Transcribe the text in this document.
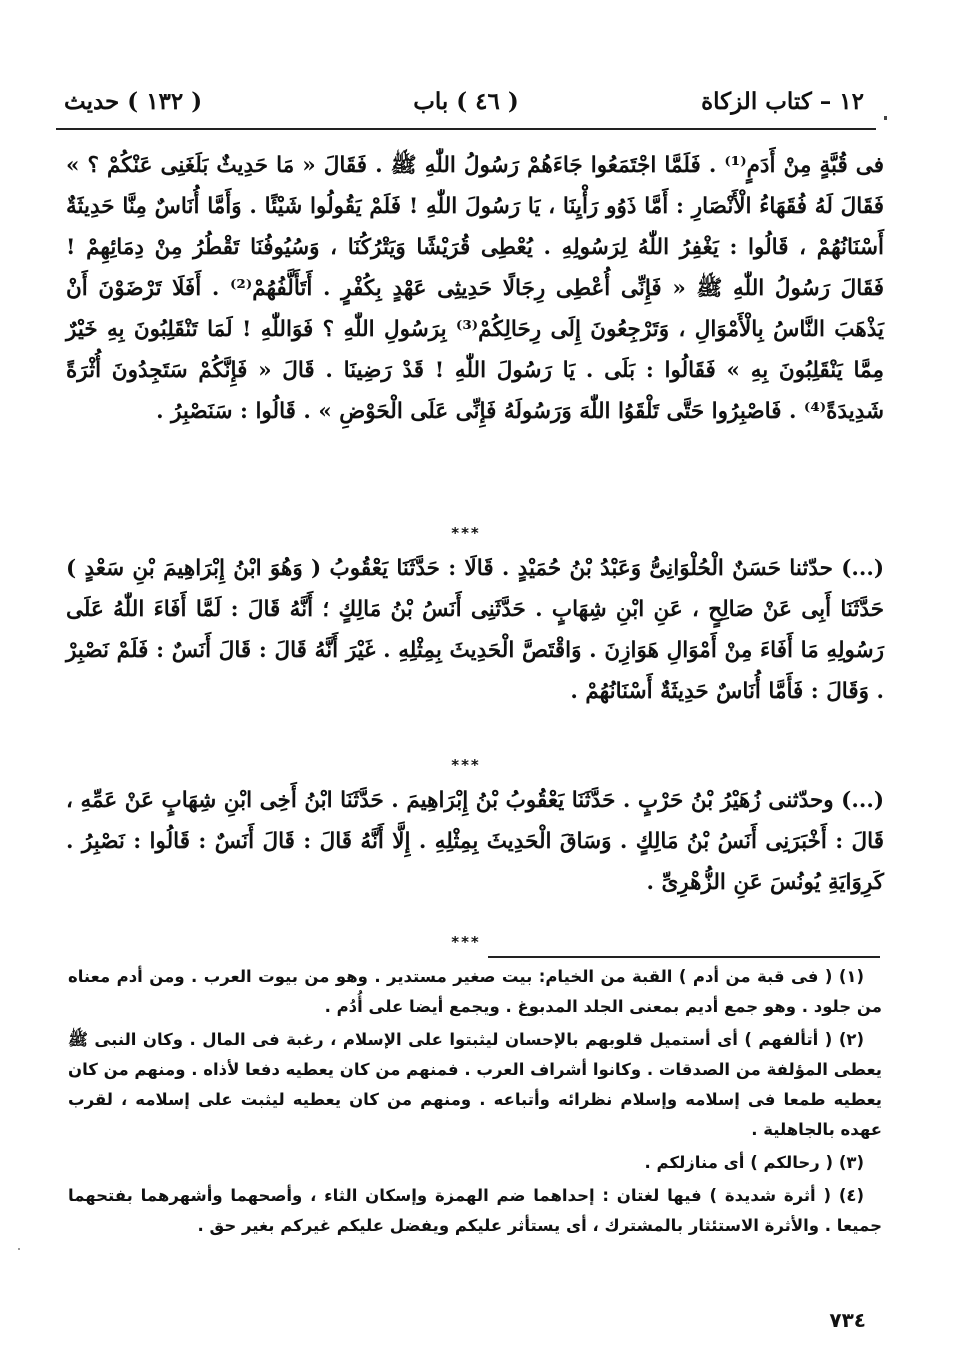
١٢ – كتاب الزكاة
( ٤٦ ) باب
( ١٣٢ ) حديث

فى قُبَّةٍ مِنْ أَدَمٍ⁽¹⁾ . فَلَمَّا اجْتَمَعُوا جَاءَهُمْ رَسُولُ اللّٰهِ ﷺ . فَقَالَ « مَا حَدِيثٌ بَلَغَنِى عَنْكُمْ ؟ » فَقَالَ لَهُ فُقَهَاءُ الْأَنْصَارِ : أَمَّا ذَوُو رَأْيِنَا ، يَا رَسُولَ اللّٰهِ ! فَلَمْ يَقُولُوا شَيْئًا . وَأَمَّا أُنَاسٌ مِنَّا حَدِيثَةٌ أَسْنَانُهُمْ ، قَالُوا : يَغْفِرُ اللّٰهُ لِرَسُولِهِ . يُعْطِى قُرَيْشًا وَيَتْرُكُنَا ، وَسُيُوفُنَا تَقْطُرُ مِنْ دِمَائِهِمْ ! فَقَالَ رَسُولُ اللّٰهِ ﷺ « فَإِنِّى أُعْطِى رِجَالًا حَدِيثِى عَهْدٍ بِكُفْرٍ . أَتَأَلَّفُهُمْ⁽²⁾ . أَفَلَا تَرْضَوْنَ أَنْ يَذْهَبَ النَّاسُ بِالْأَمْوَالِ ، وَتَرْجِعُونَ إِلَى رِحَالِكُمْ⁽³⁾ بِرَسُولِ اللّٰهِ ؟ فَوَاللّٰهِ ! لَمَا تَنْقَلِبُونَ بِهِ خَيْرٌ مِمَّا يَنْقَلِبُونَ بِهِ » فَقَالُوا : بَلَى . يَا رَسُولَ اللّٰهِ ! قَدْ رَضِينَا . قَالَ « فَإِنَّكُمْ سَتَجِدُونَ أُثْرَةً شَدِيدَةً⁽⁴⁾ . فَاصْبِرُوا حَتَّى تَلْقَوُا اللّٰهَ وَرَسُولَهُ فَإِنِّى عَلَى الْحَوْضِ » . قَالُوا : سَنَصْبِرُ .

***

(...) حدّثنا حَسَنٌ الْحُلْوَانِىُّ وَعَبْدُ بْنُ حُمَيْدٍ . قَالَا : حَدَّثَنَا يَعْقُوبُ ( وَهُوَ ابْنُ إِبْرَاهِيمَ بْنِ سَعْدٍ ) حَدَّثَنَا أَبِى عَنْ صَالِحٍ ، عَنِ ابْنِ شِهَابٍ . حَدَّثَنِى أَنَسُ بْنُ مَالِكٍ ؛ أَنَّهُ قَالَ : لَمَّا أَفَاءَ اللّٰهُ عَلَى رَسُولِهِ مَا أَفَاءَ مِنْ أَمْوَالِ هَوَازِنَ . وَاقْتَصَّ الْحَدِيثَ بِمِثْلِهِ . غَيْرَ أَنَّهُ قَالَ : قَالَ أَنَسٌ : فَلَمْ نَصْبِرْ . وَقَالَ : فَأَمَّا أُنَاسٌ حَدِيثَةٌ أَسْنَانُهُمْ .

***

(...) وحدّثنى زُهَيْرُ بْنُ حَرْبٍ . حَدَّثَنَا يَعْقُوبُ بْنُ إِبْرَاهِيمَ . حَدَّثَنَا ابْنُ أَخِى ابْنِ شِهَابٍ عَنْ عَمِّهِ ، قَالَ : أَخْبَرَنِى أَنَسُ بْنُ مَالِكٍ . وَسَاقَ الْحَدِيثَ بِمِثْلِهِ . إِلَّا أَنَّهُ قَالَ : قَالَ أَنَسٌ : قَالُوا : نَصْبِرُ . كَرِوَايَةِ يُونُسَ عَنِ الزُّهْرِىِّ .

***

(١) ( فى قبة من أدم ) القبة من الخيام: بيت صغير مستدير . وهو من بيوت العرب . ومن أدم معناه من جلود . وهو جمع أديم بمعنى الجلد المدبوغ . ويجمع أيضا على أُدُم .

(٢) ( أتألفهم ) أى أستميل قلوبهم بالإحسان ليثبتوا على الإسلام ، رغبة فى المال . وكان النبى ﷺ يعطى المؤلفة من الصدقات . وكانوا أشراف العرب . فمنهم من كان يعطيه دفعا لأذاه . ومنهم من كان يعطيه طمعا فى إسلامه وإسلام نظرائه وأتباعه . ومنهم من كان يعطيه ليثبت على إسلامه ، لقرب عهده بالجاهلية .

(٣) ( رحالكم ) أى منازلكم .

(٤) ( أثرة شديدة ) فيها لغتان : إحداهما ضم الهمزة وإسكان الثاء ، وأصحهما وأشهرهما بفتحهما جميعا . والأثرة الاستئثار بالمشترك ، أى يستأثر عليكم ويفضل عليكم غيركم بغير حق .

٧٣٤
